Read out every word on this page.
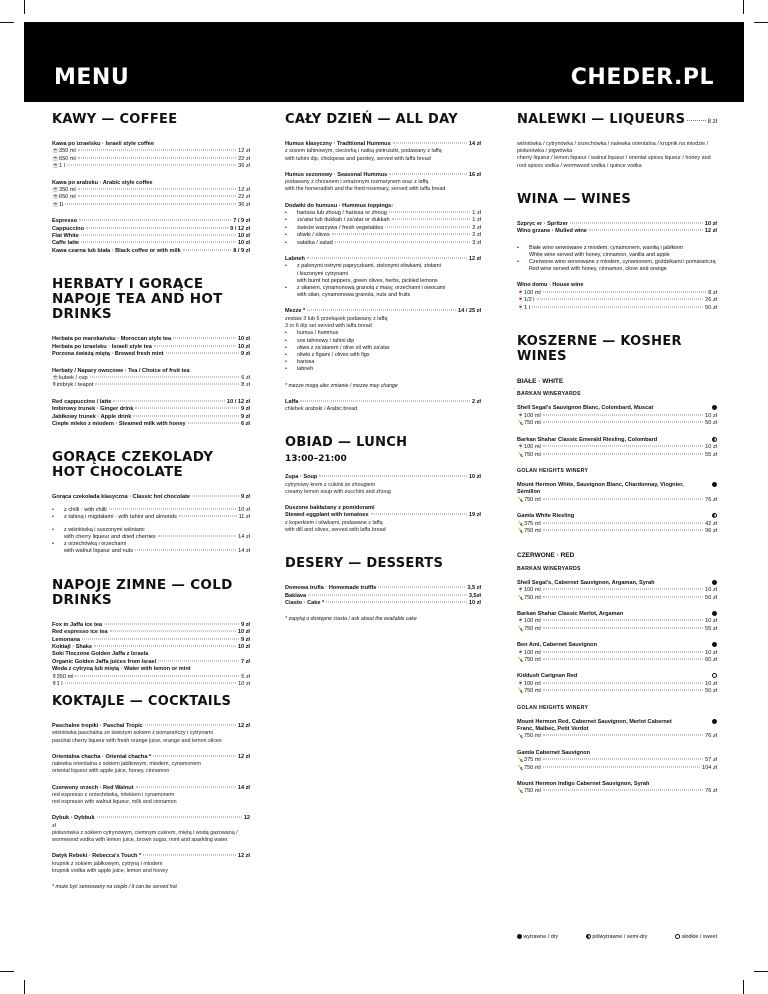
MENU	CHEDER.PL
KAWY — COFFEE
Kawa po izraelsku · Israeli style coffee
☕350 ml	12 zł
☕650 ml	22 zł
☕1 l	36 zł
Kawa po arabsku · Arabic style coffee
☕350 ml	12 zł
☕650 ml	22 zł
☕1l	36 zł
Espresso	7 / 9 zł
Cappuccino	9 / 12 zł
Flat White	10 zł
Caffe latte	10 zł
Kawa czarna lub biała · Black coffee or with milk	8 / 9 zł
HERBATY I GORĄCE NAPOJE TEA AND HOT DRINKS
Herbata po marokańsku · Moroccan style tea	10 zł
Herbata po izraelsku · Israeli style tea	10 zł
Porzona świeżą miętą · Brewed fresh mint	9 zł
Herbaty / Napary owocowe · Tea / Choice of fruit tea
☕kubek / cup	6 zł
⚱imbryk / teapot	8 zł
Red cappuccino / latte	10 / 12 zł
Imbirowy trunek · Ginger drink	9 zł
Jabłkowy trunek · Apple drink	9 zł
Ciepłe mleko z miodem · Steamed milk with honey	6 zł
GORĄCE CZEKOLADY HOT CHOCOLATE
Gorąca czekolada klasyczna · Classic hot chocolate	9 zł
• z chilli · with chilli	10 zł
• z tahiną i migdałami · with tahini and almonds	11 zł
• z wiśniówką i suszonymi wiśniami
with cherry liqueur and dried cherries	14 zł
• z orzechówką i orzechami
with walnut liqueur and nuts	14 zł
NAPOJE ZIMNE — COLD DRINKS
Fox in Jaffa ice tea	9 zł
Red espresso ice tea	10 zł
Lemonana	9 zł
Koktajl · Shake	10 zł
Soki Tłoczone Golden Jaffa z Izraela
Organic Golden Jaffa juices from Israel	7 zł
Woda z cytryną lub miętą · Water with lemon or mint
⚱350 ml	5 zł
⚱1 l	10 zł
KOKTAJLE — COCKTAILS
Paschalne tropiki · Paschal Tropic	12 zł
wiśniówka paschalna ze świeżym sokiem z pomarańczy i cytrynami
paschal cherry liqueur with fresh orange juice, orange and lemon slices
Orientalna chacha · Oriental chacha *	12 zł
nalewka orientalna z sokiem jabłkowym, miodem, cynamonem
oriental liqueur with apple juice, honey, cinnamon
Czerwony orzech · Red Walnut	14 zł
red espresso z orzechówką, mlekiem i cynamonem
red espresso with walnut liqueur, milk and cinnamon
Dybuk · Dybbuk	12
zł
piołunówka z sokiem cytrynowym, ciemnym cukrem, miętą i wodą gazowaną / wormwood vodka with lemon juice, brown sugar, mint and sparkling water
Datyk Rebeki · Rebecca's Touch *	12 zł
krupnik z sokiem jabłkowym, cytryną i miodem
krupnik vodka with apple juice, lemon and honey
* może być serwowany na ciepło / it can be served hot
CAŁY DZIEŃ — ALL DAY
Humus klasyczny · Traditional Hummus	14 zł
z sosem tahinowym, cieciorką i natką pietruszki, podawany z laffą
with tahini dip, chickpeas and parsley, served with laffa bread
Humus sezonowy · Seasonal Hummus	16 zł
podawany z chrzanem i smażonym rozmarynem oraz z laffą
with the horseradish and the fried rosemary, served with laffa bread
Dodatki do humusu · Hummus toppings:
• harissa lub zhoug / harissa or zhoug	1 zł
• za'atar lub dukkah / za'atar or dukkah	1 zł
• świeże warzywa / fresh vegetables	2 zł
• oliwki / olives	2 zł
• sałatka / salad	3 zł
Labneh	12 zł
• z palonymi ostrymi papryczkami, zielonymi oliwkami, ziołami
i kiszonymi cytrynami
with burnt hot peppers, green olives, herbs, pickled lemons
• z siłanem, cynamonową granolą z masy, orzechami i owocami
with silan, cynamonowa granola, nuts and fruits
Mezze *	14 / 25 zł
zestaw 3 lub 6 przekąsek podawany z laffą
3 or 6 dip set served with laffa bread
• humus / hummus
• sos tahinowy / tahini dip
• oliwa z za'atarem / olive oil with za'atar
• oliwki z figami / olives with figs
• harissa
• labneh
* mezze mogą ulec zmianie / mezze may change
Laffa	2 zł
chlebek arabski / Arabic bread
OBIAD — LUNCH
13:00–21:00
Zupa · Soup	10 zł
cytrynowy krem z cukinii ze zhougiem
creamy lemon soup with zucchini and zhoug
Duszone bakłażany z pomidorami
Stewed eggplant with tomatoes	19 zł
z koperkiem i oliwkami, podawane z laffą
with dill and olives, served with laffa bread
DESERY — DESSERTS
Domowa trufla · Homemade truffle	3,5 zł
Baklava	3,5zł
Ciasto · Cake *	10 zł
* zapytaj o dostępne ciasta / ask about the available cake
NALEWKI — LIQUEURS	8 zł
wiśniówka / cytrynówka / orzechówka / nalewka orientalna / krupnik na miodzie / piołunówka / pigwówka
cherry liqueur / lemon liqueur / walnut liqueur / oriental spices liqueur / honey and root spices vodka / wormwood vodka / quince vodka
WINA — WINES
Szpryc er · Spritzer	10 zł
Wino grzane · Mulled wine	12 zł
• Białe wino serwowane z miodem, cynamonem, wanilią i jabłkiem
White wine served with honey, cinnamon, vanilla and apple
• Czerwone wino serwowane z miodem, cynamonem, goździkami i pomarańczą
Red wine served with honey, cinnamon, clove and orange
Wino domu · House wine
🍷100 ml	8 zł
🍷1/2 l	26 zł
🍷1 l	50 zł
KOSZERNE — KOSHER WINES
BIAŁE · WHITE
BARKAN WINERYARDS
Shell Segal's Sauvignon Blanc, Colombard, Muscat
🍷100 ml	10 zł
🍾750 ml	50 zł
Barkan Shahar Classic Emerald Riesling, Colombard
🍷100 ml	10 zł
🍾750 ml	55 zł
GOLAN HEIGHTS WINERY
Mount Hermon White, Sauvignon Blanc, Chardonnay, Viognier, Sémillon
🍾750 ml	76 zł
Gamla White Riesling
🍾375 ml	42 zł
🍾750 ml	96 zł
CZERWONE · RED
BARKAN WINERYARDS
Shell Segal's, Cabernet Sauvignon, Argaman, Syrah
🍷100 ml	10 zł
🍾750 ml	50 zł
Barkan Shahar Classic Merlot, Argaman
🍷100 ml	10 zł
🍾750 ml	55 zł
Ben Ami, Cabernet Sauvignon
🍷100 ml	10 zł
🍾750 ml	60 zł
Kiddush Carignan Red
🍷100 ml	10 zł
🍾750 ml	50 zł
GOLAN HEIGHTS WINERY
Mount Hermon Red, Cabernet Sauvignon, Merlot Cabernet Franc, Malbec, Petit Verdot
🍾750 ml	76 zł
Gamla Cabernet Sauvignon
🍾375 ml	57 zł
🍾750 ml	104 zł
Mount Hermon Indigo Cabernet Sauvignon, Syrah
🍾750 ml	76 zł
wytrawne / dry	półwytrawne / semi-dry	słodkie / sweet
